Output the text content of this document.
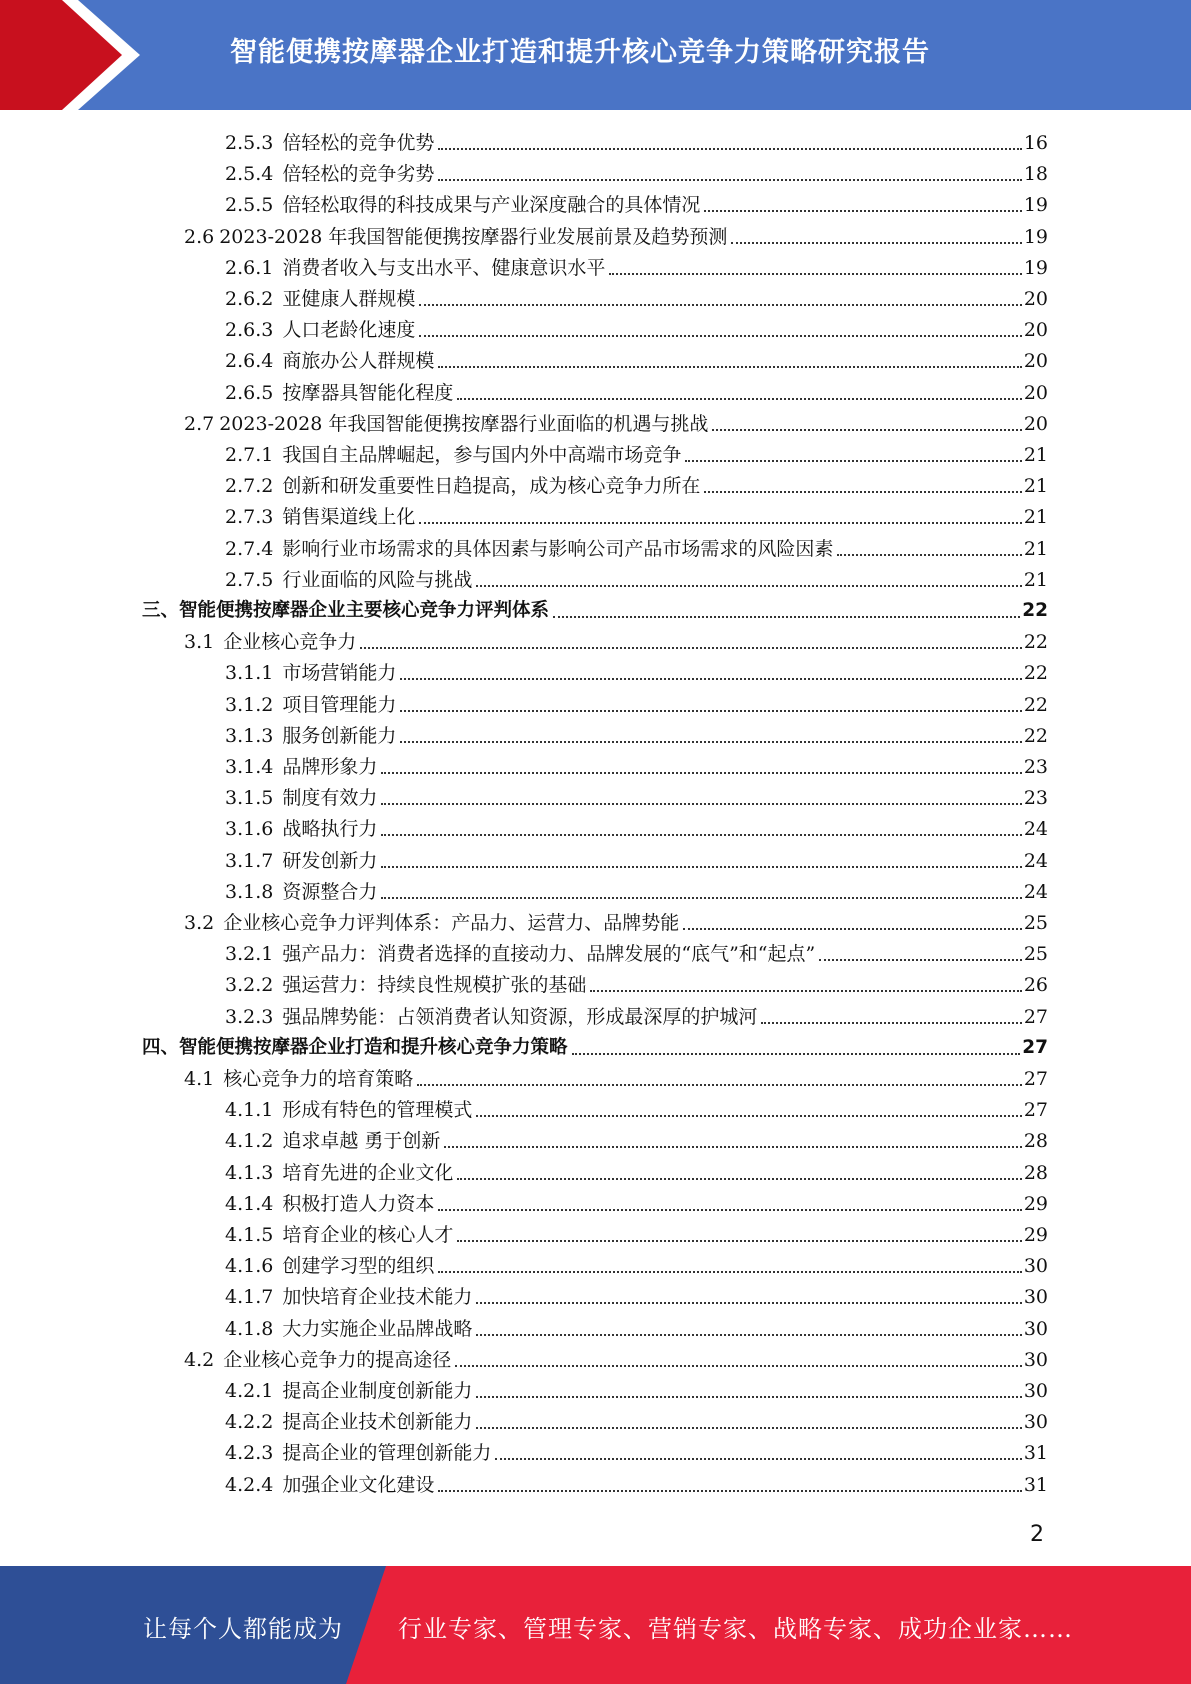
智能便携按摩器企业打造和提升核心竞争力策略研究报告
2.5.3 倍轻松的竞争优势	16
2.5.4 倍轻松的竞争劣势	18
2.5.5 倍轻松取得的科技成果与产业深度融合的具体情况	19
2.6 2023-2028 年我国智能便携按摩器行业发展前景及趋势预测	19
2.6.1 消费者收入与支出水平、健康意识水平	19
2.6.2 亚健康人群规模	20
2.6.3 人口老龄化速度	20
2.6.4 商旅办公人群规模	20
2.6.5 按摩器具智能化程度	20
2.7 2023-2028 年我国智能便携按摩器行业面临的机遇与挑战	20
2.7.1 我国自主品牌崛起，参与国内外中高端市场竞争	21
2.7.2 创新和研发重要性日趋提高，成为核心竞争力所在	21
2.7.3 销售渠道线上化	21
2.7.4 影响行业市场需求的具体因素与影响公司产品市场需求的风险因素	21
2.7.5 行业面临的风险与挑战	21
三、 智能便携按摩器企业主要核心竞争力评判体系	22
3.1 企业核心竞争力	22
3.1.1 市场营销能力	22
3.1.2 项目管理能力	22
3.1.3 服务创新能力	22
3.1.4 品牌形象力	23
3.1.5 制度有效力	23
3.1.6 战略执行力	24
3.1.7 研发创新力	24
3.1.8 资源整合力	24
3.2 企业核心竞争力评判体系：产品力、运营力、品牌势能	25
3.2.1 强产品力：消费者选择的直接动力、品牌发展的“底气”和“起点”	25
3.2.2 强运营力：持续良性规模扩张的基础	26
3.2.3 强品牌势能：占领消费者认知资源，形成最深厚的护城河	27
四、 智能便携按摩器企业打造和提升核心竞争力策略	27
4.1 核心竞争力的培育策略	27
4.1.1 形成有特色的管理模式	27
4.1.2 追求卓越 勇于创新	28
4.1.3 培育先进的企业文化	28
4.1.4 积极打造人力资本	29
4.1.5 培育企业的核心人才	29
4.1.6 创建学习型的组织	30
4.1.7 加快培育企业技术能力	30
4.1.8 大力实施企业品牌战略	30
4.2 企业核心竞争力的提高途径	30
4.2.1 提高企业制度创新能力	30
4.2.2 提高企业技术创新能力	30
4.2.3 提高企业的管理创新能力	31
4.2.4 加强企业文化建设	31
2
让每个人都能成为 行业专家、管理专家、营销专家、战略专家、成功企业家……
